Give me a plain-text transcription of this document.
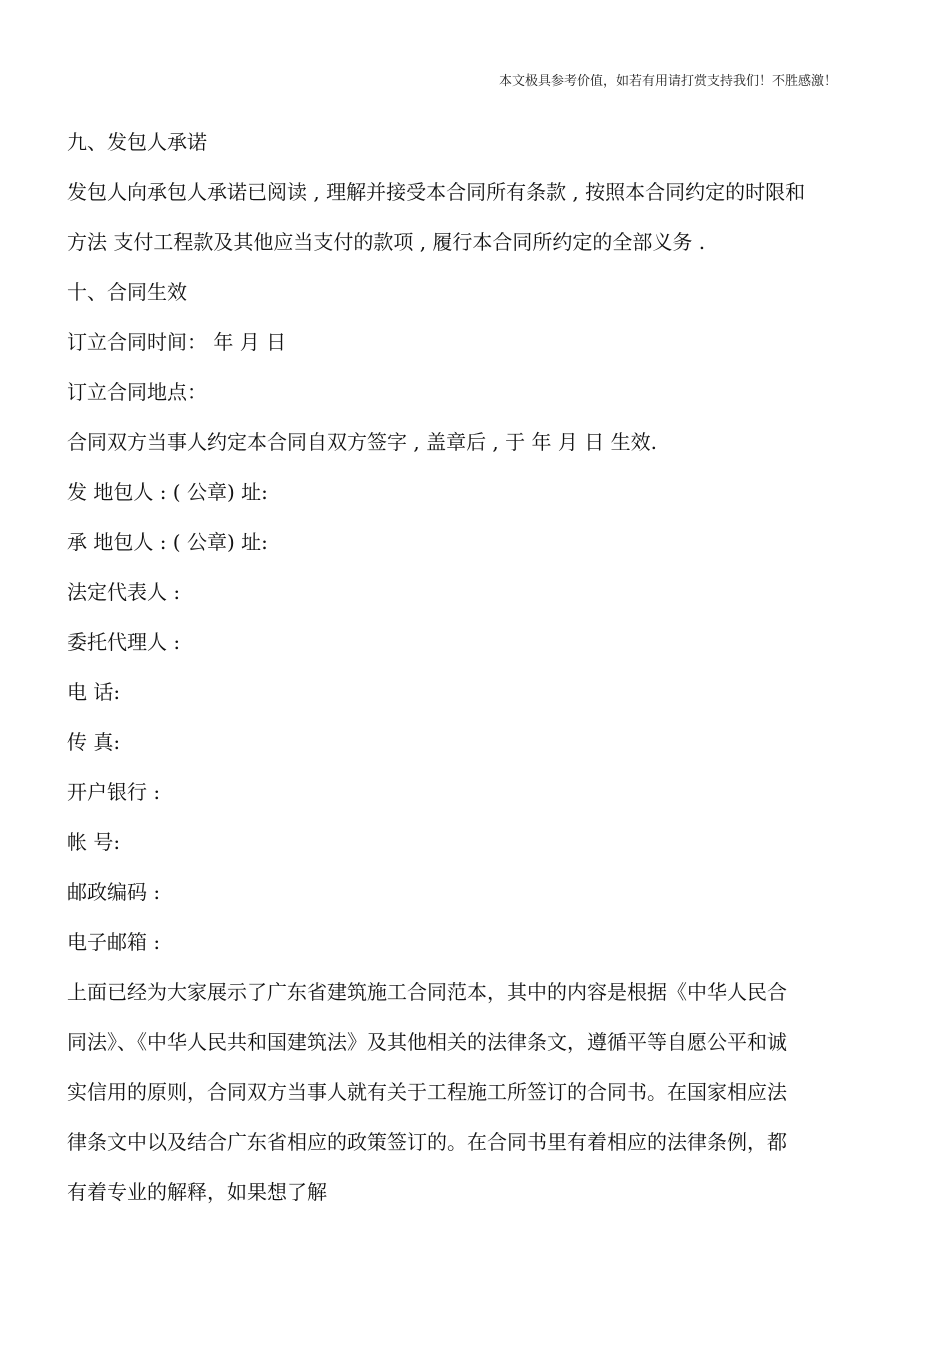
本文极具参考价值，如若有用请打赏支持我们！不胜感激！
九、发包人承诺
发包人向承包人承诺已阅读 , 理解并接受本合同所有条款 , 按照本合同约定的时限和
方法 支付工程款及其他应当支付的款项 , 履行本合同所约定的全部义务 .
十、合同生效
订立合同时间： 年 月 日
订立合同地点：
合同双方当事人约定本合同自双方签字 , 盖章后 , 于 年 月 日 生效.
发 地包人 : ( 公章) 址:
承 地包人 : ( 公章) 址:
法定代表人 :
委托代理人 :
电 话:
传 真:
开户银行 :
帐 号:
邮政编码 :
电子邮箱 :
上面已经为大家展示了广东省建筑施工合同范本，其中的内容是根据《中华人民合
同法》、《中华人民共和国建筑法》及其他相关的法律条文，遵循平等自愿公平和诚
实信用的原则，合同双方当事人就有关于工程施工所签订的合同书。在国家相应法
律条文中以及结合广东省相应的政策签订的。在合同书里有着相应的法律条例，都
有着专业的解释，如果想了解
